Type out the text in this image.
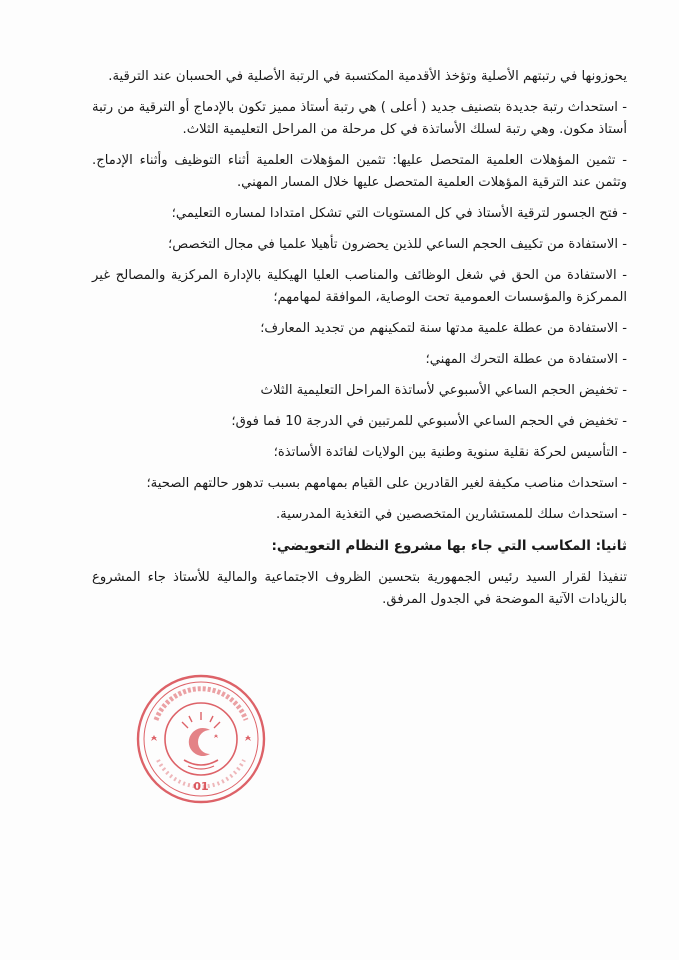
يحوزونها في رتبتهم الأصلية وتؤخذ الأقدمية المكتسبة في الرتبة الأصلية في الحسبان عند الترقية.

- استحداث رتبة جديدة بتصنيف جديد ( أعلى ) هي رتبة أستاذ مميز تكون بالإدماج أو الترقية من رتبة أستاذ مكون. وهي رتبة لسلك الأساتذة في كل مرحلة من المراحل التعليمية الثلاث.

- تثمين المؤهلات العلمية المتحصل عليها: تثمين المؤهلات العلمية أثناء التوظيف وأثناء الإدماج. وتثمن عند الترقية المؤهلات العلمية المتحصل عليها خلال المسار المهني.

- فتح الجسور لترقية الأستاذ في كل المستويات التي تشكل امتدادا لمساره التعليمي؛

- الاستفادة من تكييف الحجم الساعي للذين يحضرون تأهيلا علميا في مجال التخصص؛

- الاستفادة من الحق في شغل الوظائف والمناصب العليا الهيكلية بالإدارة المركزية والمصالح غير الممركزة والمؤسسات العمومية تحت الوصاية، الموافقة لمهامهم؛

- الاستفادة من عطلة علمية مدتها سنة لتمكينهم من تجديد المعارف؛

- الاستفادة من عطلة التحرك المهني؛

- تخفيض الحجم الساعي الأسبوعي لأساتذة المراحل التعليمية الثلاث

- تخفيض في الحجم الساعي الأسبوعي للمرتبين في الدرجة 10 فما فوق؛

- التأسيس لحركة نقلية سنوية وطنية بين الولايات لفائدة الأساتذة؛

- استحداث مناصب مكيفة لغير القادرين على القيام بمهامهم بسبب تدهور حالتهم الصحية؛

- استحداث سلك للمستشارين المتخصصين في التغذية المدرسية.

ثانيا: المكاسب التي جاء بها مشروع النظام التعويضي:

تنفيذا لقرار السيد رئيس الجمهورية بتحسين الظروف الاجتماعية والمالية للأستاذ جاء المشروع بالزيادات الآتية الموضحة في الجدول المرفق.

01
